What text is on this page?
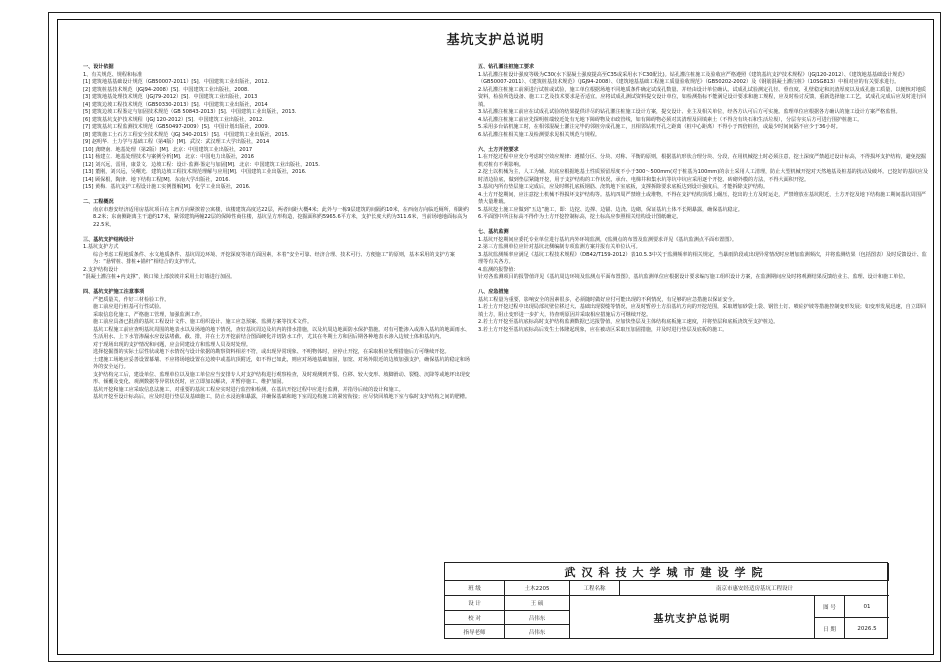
基坑支护总说明
一、设计依据
1、有关规范、规程和标准
[1] 建筑地基基础设计规范（GB50007-2011）[S]．中国建筑工业出版社，2012.
[2] 建筑桩基技术规范（JGJ94-2008）[S]．中国建筑工业出版社，2008.
[3] 建筑地基处理技术规范（JGJ79-2012）[S]．中国建筑工业出版社，2013
[4] 建筑边坡工程技术规范（GB50330-2013）[S]．中国建筑工业出版社，2014
[5] 建筑边坡工程鉴定与加固技术规范（GB 50843-2013）[S]．中国建筑工业出版社，2013.
[6] 建筑基坑支护技术规程（JGJ 120-2012）[S]．中国建筑工业出版社，2012.
[7] 建筑基坑工程监测技术规范（GB50497-2009）[S]．中国计划出版社，2009.
[8] 建筑施工土石方工程安全技术规范（JGJ 340-2015）[S]．中国建筑工业出版社，2015.
[9] 赵明华．土力学与基础工程（第4版）[M]．武汉：武汉理工大学出版社，2014
[10] 龚晓南．地基处理（第2版）[M]．北京：中国建筑工业出版社，2017
[11] 杨建立．地基处理技术与案例分析[M]．北京：中国电力出版社，2016
[12] 刘兴远，雷用，康景文．边坡工程：设计·监测·鉴定与加固[M]．北京：中国建筑工业出版社，2015.
[13] 董刚，刘兴远，吴曙光．建筑边坡工程技术规范理解与应用[M]．中国建筑工业出版社，2016.
[14] 顾保根，陶津．地下结构工程[M]．东南大学出版社，2016.
[15] 黄梅．基坑支护工程设计施工实例图解[M]．化学工业出版社，2016.
二、工程概况
南京市惠安经济适用房基坑项目在主西方向紧挨着公寓楼，该楼建筑高度达22层，两者间距大概4米；此外与一栋9层建筑的间隔约10米，在西南方向临近厕所，相距约8.2米；东南侧距离主干道约17米，紧邻建筑两幢22层的保障性商住楼，基坑呈方形构造，挖掘面积约5965.6平方米，支护长度大约为311.6米，当前场地地面标高为22.5米。
三、基坑支护结构设计
1.基坑支护方式
综合考虑工程地质条件、水文地质条件、基坑周边环境、开挖深度等诸方面因素，本着“安全可靠、经济合理、技术可行、方便施工”的原则，基本采用的支护方案为：“悬臂桩、排桩+锚杆”相结合的支护形式。
2.支护结构设计
“混凝土灌注桩+内支撑”，锁口梁上部放坡并采用土钉墙进行加固。
四、基坑支护施工注意事项
严把质量关，作好三材检验工作。
施工前应进行桩基可行性试验。
采取信息化施工，严格施工管理，加强监测工作。
施工前应具备已批准的基坑工程设计文件、施工组织设计、施工应急预案、监测方案等技术文件。
基坑工程施工前应查明基坑周围的地表水以及场地的地下情况，查好基坑周边及坑内的排水措施，以及坑周边地面防水保护措施。对有可能渗入或渗入基坑的地面雨水、生活用水、上下水管渗漏水应设法堵截、截、排，并在土方开挖前结合图面硬化并切防水工作，尤其在冬期土方和因后期各种地表水渗入边坡土体和基坑内。
对于现场出现的支护情况和问题，应会同建设方和监理人员及时处理。
选择挖掘图的实际土层性状或地下水情况与设计依据的勘察资料相差不符，或出现异常现象、不明物体时，应停止开挖，在采取相应处理措施后方可继续开挖。
土建施工场地应妥善设置幕墙、不应将场地设置在边坡中或基坑顶附近，如不得已如此，则应对场地基础加固，加宽、对场外限近的边坡加强支护，确保基坑的稳定和场外的安全运行。
支护结构完工后，建设单位、监理单位以及施工单位应当安排专人对支护结构进行观察检查，及时观测到开裂、位移、较大变形、坡脚滑动、裂缝、沉降等或地坪出现变形、倾覆及变化、观测数据等异常状况时，应立即加以解决，并暂停施工、维护加固。
基坑开挖和施工应采取信息法施工，对重要的基坑工程应实时进行监控和检测，在基坑开挖过程中应进行监测，并指导后续的设计和施工。
基坑开挖至设计标高后，应及时进行垫层及基础施工，防止水浸泡和暴露，并确保基础和地下室周边构施工的紧密衔接；应尽快回填地下室与临时支护结构之间的肥槽。
五、钻孔灌注桩施工要求
1.钻孔灌注桩设计强度等级为C30(水下混凝土强度提高至C35或采用水下C30配比)。钻孔灌注桩施工及验收应严格遵照《建筑基坑支护技术规程》（JGJ120-2012）、《建筑地基基础设计规范》（GB50007-2011）、《建筑桩基技术规范》（JGJ94-2008）、《建筑地基基础工程施工质量验收规范》（GB50202-2002）及《钢筋混凝土灌注桩》（10SG813）中相对应的有关要求进行。
2.钻孔灌注桩施工前须进行试桩或试验，施工单位根据场地不同地质条件确定试成孔数量、并经由设计单位确认。试成孔试验测定孔径、垂直度、孔壁稳定和沉渣厚度以及成孔施工质量，以便核对地质资料，检验所选设备、施工工艺及技术要求是否适宜。应将试成孔测试资料提交设计单位，如检测指标不能满足设计要求和施工规程，应及时检讨反馈，重新选择施工工艺，试成孔完成后应及时进行回填。
3.钻孔灌注桩施工前应在试成孔试验的结果提供详尽的钻孔灌注桩施工设计方案，提交设计、业主及相关单位，经各方认可后方可实施。监理单位应根据各方确认的施工设计方案严格监督。
4.钻孔灌注桩施工前应先探明桩端较近处有无地下障碍物及市政管线，如有障碍物必须对其清理及回填素土（不得含有块石和生活垃圾），分层夯实后方可进行围护桩施工。
5.采用多台钻机施工时，在相邻混凝土灌注完毕的邻桩旁成孔施工，且相邻钻机开孔之距离（桩中心距离）不得小于四倍桩径，或最少时间间隔不应少于36小时。
6.钻孔灌注桩相关施工及检测要求见相关规范与规程。
六、土方开挖要求
1.在开挖过程中应充分考虑时空效应规律：遵循分区、分块、对称、平衡的原则，根据基坑形状合理分块、分段，在用机械挖土时必须注意，挖土深度严禁超过设计标高，不得损坏支护结构，避免挖掘机对桩有不利影响。
2.挖土以机械为主，人工为辅。坑底应根据地基土性质预留厚度不小于300～500mm(对于桩基为100mm)的余土采用人工清理，防止大型机械开挖对天然地基及桩基的扰动及破坏。已挖好的基坑应及时清边验底，做到垫层紧随开挖，用于支护结构的工作状况，承台、电梯井和集水坑等坑中坑应采用逐个开挖、砖砌外模的方法，不得大面积开挖。
3.基坑内所有垫层施工完成后，应及时绑扎底板钢筋、浇筑地下室底板，支撑拆除要求底板达到设计强度后，才能拆除支护结构。
4.土方开挖期间，应注意挖土机械不得损坏支护结构等。基坑四周严禁堆土或堆物，不得在支护结构顶部上碾压，挖出的土方及时运走，严禁堆放在基坑附近，土方开挖及地下结构施工期间基坑周围严禁大量堆载。
5.基坑挖土施工应做到“五边”施工，即：边挖、边撑、边锚、边浇、边砌，保证基坑土体不长期暴露，确保基坑稳定。
6.平面图中所注标高不得作为土方开挖控制标高，挖土标高应参照相关结构设计图纸确定。
七、基坑监测
1.基坑开挖期间应委托专业单位进行基坑内外环境监测，(监测点的布置及监测要求详见《基坑监测点平面布置图》。
2.第三方监测单位应针对基坑北侧编制专项监测方案并报有关单位认可。
3.基坑监测频率应满足《基坑工程技术规程》（DB42/T159-2012）表10.5.3中关于监测频率的相关规定，当暴雨阶段或出现异常情况时应增加监测频次，并将监测结果（包括图表）及时反馈设计、监理等有关各方。
4.监测的报警值：
针对各监测项目的报警值详见《基坑周边环境及监测点平面布置图》，基坑监测单位应根据设计要求编写施工组织设计方案，在监测期间应及时将观测结果反馈给业主、监理、设计和施工单位。
八、应急措施
基坑工程量为重要，影响安全的因素很多，必须随时做好应付可能出现的不利情况，有足够的应急措施以保证安全。
1.若土方开挖过程中出现局部坑壁位移过大、基础出现裂缝等情况，应及时暂停土方沿基坑方向的开挖范围，采取增加砂袋土袋、钢管土钉、喷砼护坡等措施控制变形发展；如变形发展迅速，自立即回填土方，阻止变形进一步扩大，待查明原因并采取相应措施后方可继续开挖。
2.若土方开挖至基坑底标高时支护结构监测数据已达报警值，应加快垫层及主体结构底板施工速度，并将垫层和底板浇筑至支护桩边。
3.若土方开挖至基坑底标高后发生土体隆起现象，应在被动区采取压加固措施，并及时进行垫层及底板的施工。
武汉科技大学城市建设学院
班 级	土木2205	工程名称	南京市惠安经适房基坑工程设计
设 计	王 硕
校 对	吕伟东
指导老师	吕伟东
基坑支护总说明
图 号	01
日 期	2026.5
